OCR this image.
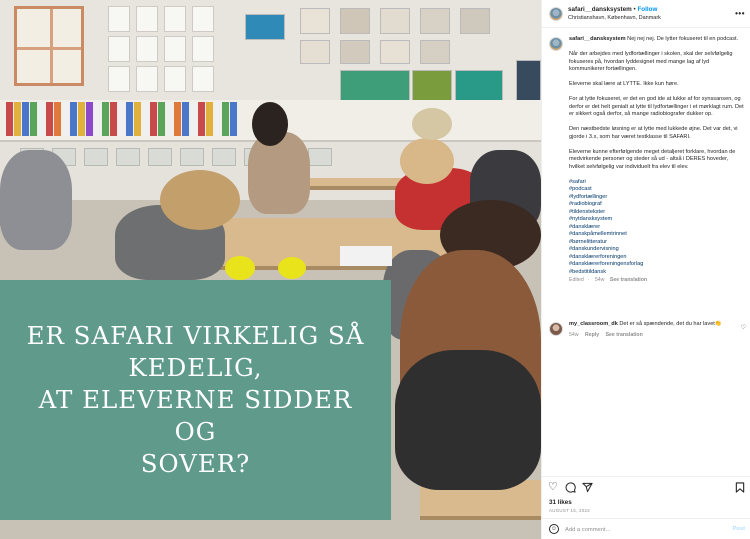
ER SAFARI VIRKELIG SÅ
KEDELIG,
AT ELEVERNE SIDDER OG
SOVER?
safari__dansksystem • Follow
Christianshavn, København, Danmark	•••

safari__dansksystem Nej nej nej. De lytter fokuseret til en podcast.

Når der arbejdes med lydfortællinger i skolen, skal der selvfølgelig fokuseres på, hvordan lyddesignet med mange lag af lyd kommunikerer fortællingen.

Eleverne skal lære at LYTTE. Ikke kun høre.

For at lytte fokuseret, er det en god ide at lukke af for synssansen, og derfor er det helt genialt at lytte til lydfortællinger i et mørklagt rum. Det er sikkert også derfor, så mange radiobiografer dukker op.

Den næstbedste løsning er at lytte med lukkede øjne. Det var det, vi gjorde i 3.x, som har været testklasse til SAFARI.

Eleverne kunne efterfølgende meget detaljeret forklare, hvordan de medvirkende personer og steder så ud - altså i DERES hoveder, hvilket selvfølgelig var individuelt fra elev til elev.

#safari
#podcast
#lydfortællinger
#radiobiograf
#tildenstekster
#nytdansksystem
#dansklærer
#danskpåmellemtrinnet
#børnelitteratur
#danskundervisning
#dansklærerforeningen
#dansklærerforeningensforlag
#bedstitildansk
Edited · 54w See translation
my_classroom_dk Det er så spændende, det du har lavet👏
54w Reply See translation
♡
♡
31 likes
AUGUST 15, 2022
☺
Add a comment...	Post
